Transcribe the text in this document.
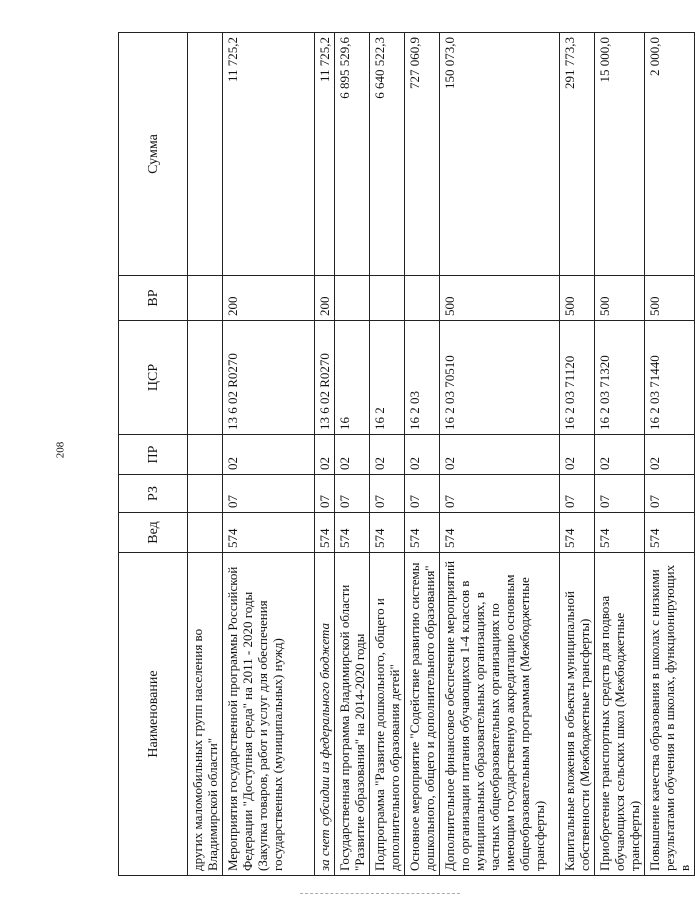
208
Наименование	Вед	РЗ	ПР	ЦСР	ВР	Сумма
других маломобильных групп населения во Владимирской области"						
Мероприятия государственной программы Российской Федерации "Доступная среда" на 2011 - 2020 годы (Закупка товаров, работ и услуг для обеспечения государственных (муниципальных) нужд)	574	07	02	13 6 02 R0270	200	11 725,2
за счет субсидии из федерального бюджета	574	07	02	13 6 02 R0270	200	11 725,2
Государственная программа Владимирской области "Развитие образования" на 2014-2020 годы	574	07	02	16		6 895 529,6
Подпрограмма "Развитие дошкольного, общего и дополнительного образования детей"	574	07	02	16 2		6 640 522,3
Основное мероприятие "Содействие развитию системы дошкольного, общего и дополнительного образования"	574	07	02	16 2 03		727 060,9
Дополнительное финансовое обеспечение мероприятий по организации питания обучающихся 1-4 классов в муниципальных образовательных организациях, в частных общеобразовательных организациях по имеющим государственную аккредитацию основным общеобразовательным программам (Межбюджетные трансферты)	574	07	02	16 2 03 70510	500	150 073,0
Капитальные вложения в объекты муниципальной собственности (Межбюджетные трансферты)	574	07	02	16 2 03 71120	500	291 773,3
Приобретение транспортных средств для подвоза обучающихся сельских школ (Межбюджетные трансферты)	574	07	02	16 2 03 71320	500	15 000,0
Повышение качества образования в школах с низкими результатами обучения и в школах, функционирующих в	574	07	02	16 2 03 71440	500	2 000,0
